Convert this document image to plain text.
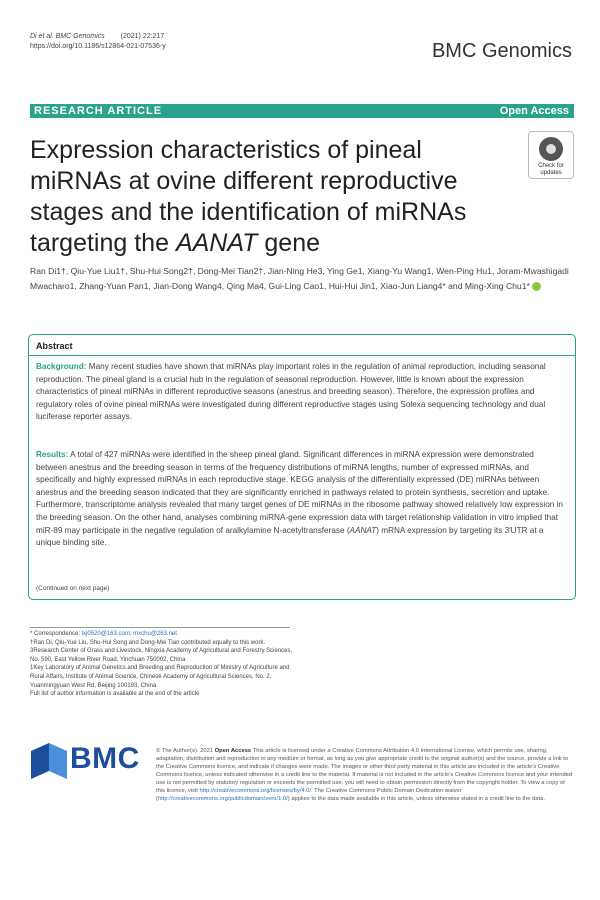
Di et al. BMC Genomics (2021) 22:217
https://doi.org/10.1186/s12864-021-07536-y	BMC Genomics
RESEARCH ARTICLE	Open Access
Expression characteristics of pineal miRNAs at ovine different reproductive stages and the identification of miRNAs targeting the AANAT gene
Check for
updates
Ran Di1†, Qiu-Yue Liu1†, Shu-Hui Song2†, Dong-Mei Tian2†, Jian-Ning He3, Ying Ge1, Xiang-Yu Wang1, Wen-Ping Hu1, Joram-Mwashigadi Mwacharo1, Zhang-Yuan Pan1, Jian-Dong Wang4, Qing Ma4, Gui-Ling Cao1, Hui-Hui Jin1, Xiao-Jun Liang4* and Ming-Xing Chu1*
Abstract

Background: Many recent studies have shown that miRNAs play important roles in the regulation of animal reproduction, including seasonal reproduction. The pineal gland is a crucial hub in the regulation of seasonal reproduction. However, little is known about the expression characteristics of pineal miRNAs in different reproductive seasons (anestrus and breeding season). Therefore, the expression profiles and regulatory roles of ovine pineal miRNAs were investigated during different reproductive stages using Solexa sequencing technology and dual luciferase reporter assays.

Results: A total of 427 miRNAs were identified in the sheep pineal gland. Significant differences in miRNA expression were demonstrated between anestrus and the breeding season in terms of the frequency distributions of miRNA lengths, number of expressed miRNAs, and specifically and highly expressed miRNAs in each reproductive stage. KEGG analysis of the differentially expressed (DE) miRNAs between anestrus and the breeding season indicated that they are significantly enriched in pathways related to protein synthesis, secretion and uptake. Furthermore, transcriptome analysis revealed that many target genes of DE miRNAs in the ribosome pathway showed relatively low expression in the breeding season. On the other hand, analyses combining miRNA-gene expression data with target relationship validation in vitro implied that miR-89 may participate in the negative regulation of aralkylamine N-acetyltransferase (AANAT) mRNA expression by targeting its 3'UTR at a unique binding site.

(Continued on next page)

* Correspondence: lxj0520@163.com; mxchu@263.net

†Ran Di, Qiu-Yue Liu, Shu-Hui Song and Dong-Mei Tian contributed equally to this work.

3Research Center of Grass and Livestock, Ningxia Academy of Agricultural and Forestry Sciences, No. 590, East Yellow River Road, Yinchuan 750002, China

1Key Laboratory of Animal Genetics and Breeding and Reproduction of Ministry of Agriculture and Rural Affairs, Institute of Animal Science, Chinese Academy of Agricultural Sciences, No. 2, Yuanmingyuan West Rd, Beijing 100193, China

Full list of author information is available at the end of the article

BMC	© The Author(s). 2021 Open Access This article is licensed under a Creative Commons Attribution 4.0 International License, which permits use, sharing, adaptation, distribution and reproduction in any medium or format, as long as you give appropriate credit to the original author(s) and the source, provide a link to the Creative Commons licence, and indicate if changes were made. The images or other third party material in this article are included in the article's Creative Commons licence, unless indicated otherwise in a credit line to the material. If material is not included in the article's Creative Commons licence and your intended use is not permitted by statutory regulation or exceeds the permitted use, you will need to obtain permission directly from the copyright holder. To view a copy of this licence, visit http://creativecommons.org/licenses/by/4.0/. The Creative Commons Public Domain Dedication waiver (http://creativecommons.org/publicdomain/zero/1.0/) applies to the data made available in this article, unless otherwise stated in a credit line to the data.
